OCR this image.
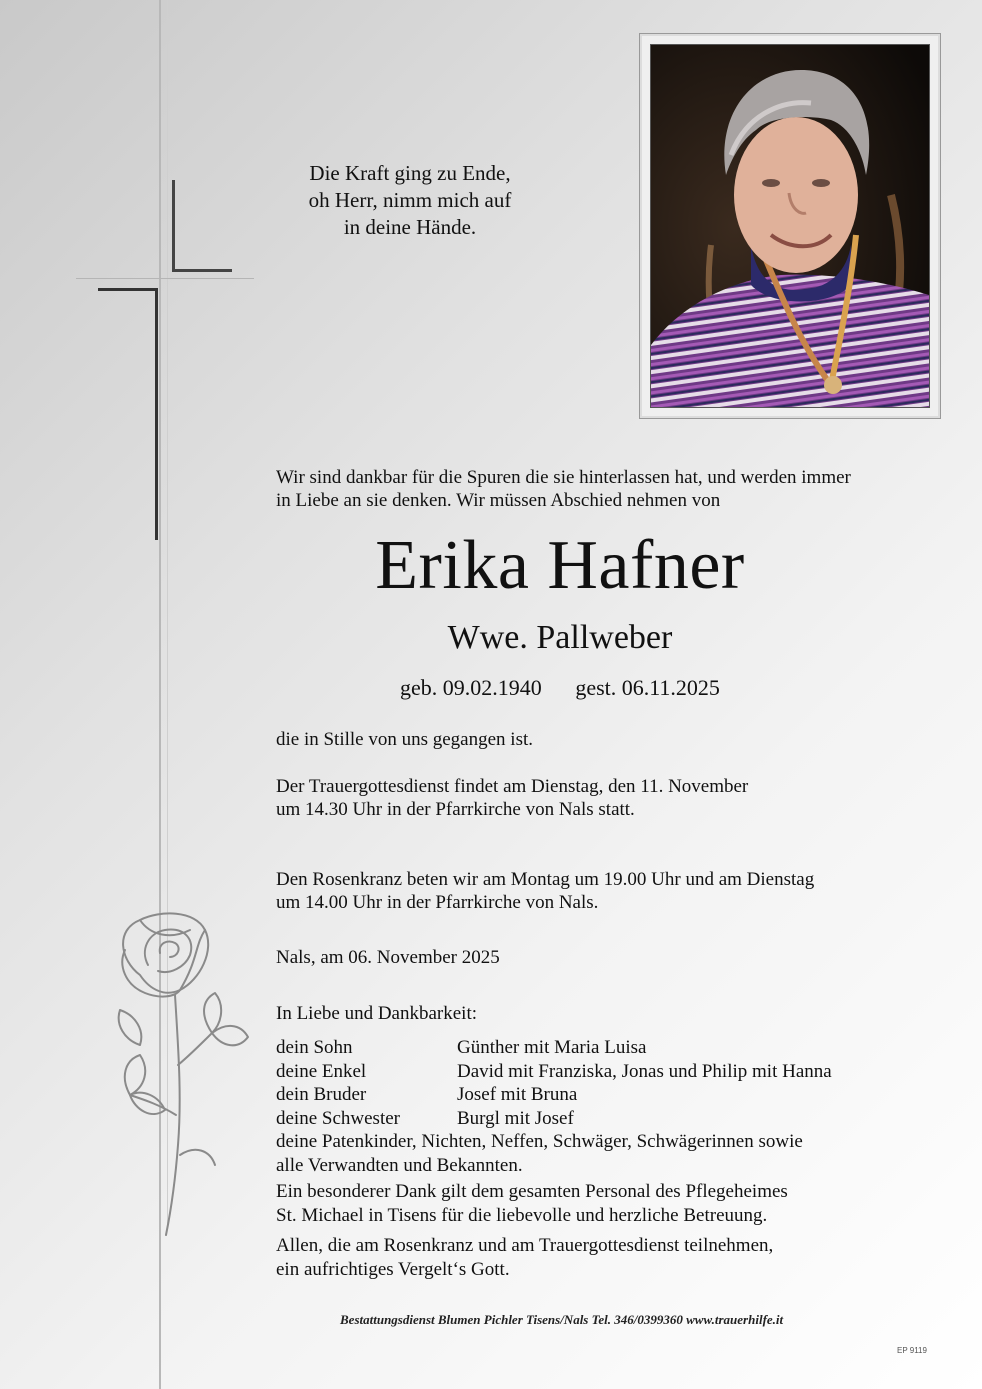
Die Kraft ging zu Ende,
oh Herr, nimm mich auf
in deine Hände.
Wir sind dankbar für die Spuren die sie hinterlassen hat, und werden immer
in Liebe an sie denken. Wir müssen Abschied nehmen von
Erika Hafner
Wwe. Pallweber
geb. 09.02.1940 gest. 06.11.2025
die in Stille von uns gegangen ist.
Der Trauergottesdienst findet am Dienstag, den 11. November
um 14.30 Uhr in der Pfarrkirche von Nals statt.
Den Rosenkranz beten wir am Montag um 19.00 Uhr und am Dienstag
um 14.00 Uhr in der Pfarrkirche von Nals.
Nals, am 06. November 2025
In Liebe und Dankbarkeit:
dein Sohn	Günther mit Maria Luisa
deine Enkel	David mit Franziska, Jonas und Philip mit Hanna
dein Bruder	Josef mit Bruna
deine Schwester	Burgl mit Josef
deine Patenkinder, Nichten, Neffen, Schwäger, Schwägerinnen sowie
alle Verwandten und Bekannten.
Ein besonderer Dank gilt dem gesamten Personal des Pflegeheimes
St. Michael in Tisens für die liebevolle und herzliche Betreuung.
Allen, die am Rosenkranz und am Trauergottesdienst teilnehmen,
ein aufrichtiges Vergelt‘s Gott.
Bestattungsdienst Blumen Pichler Tisens/Nals Tel. 346/0399360 www.trauerhilfe.it
EP 9119
